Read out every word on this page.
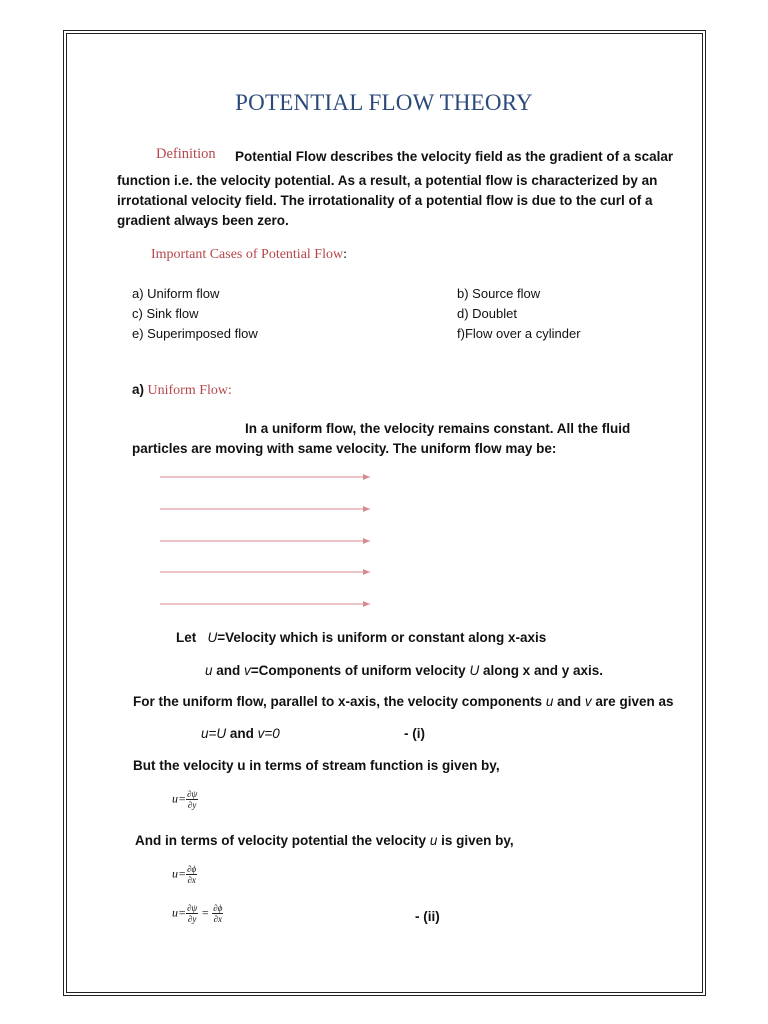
POTENTIAL FLOW THEORY
Definition Potential Flow describes the velocity field as the gradient of a scalar
function i.e. the velocity potential. As a result, a potential flow is characterized by an
irrotational velocity field. The irrotationality of a potential flow is due to the curl of a
gradient always been zero.
Important Cases of Potential Flow:
a) Uniform flow	b) Source flow
c) Sink flow	d) Doublet
e) Superimposed flow	f)Flow over a cylinder
a) Uniform Flow:
In a uniform flow, the velocity remains constant. All the fluid
particles are moving with same velocity. The uniform flow may be:
Let U=Velocity which is uniform or constant along x-axis
u and v=Components of uniform velocity U along x and y axis.
For the uniform flow, parallel to x-axis, the velocity components u and v are given as
u=U and v=0	- (i)
But the velocity u in terms of stream function is given by,
$u= \frac{\partial\psi}{\partial y}$
And in terms of velocity potential the velocity u is given by,
$u= \frac{\partial\phi}{\partial x}$
$u= \frac{\partial\psi}{\partial y} = \frac{\partial\phi}{\partial x}$	- (ii)
